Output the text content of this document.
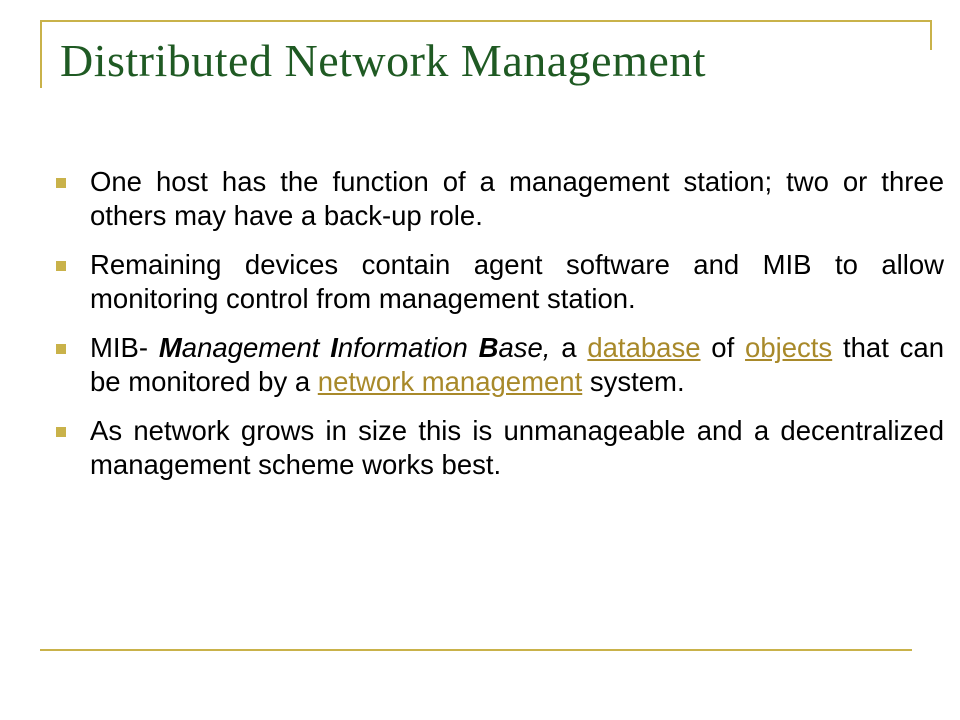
Distributed Network Management
One host has the function of a management station; two or three others may have a back-up role.
Remaining devices contain agent software and MIB to allow monitoring control from management station.
MIB- Management Information Base, a database of objects that can be monitored by a network management system.
As network grows in size this is unmanageable and a decentralized management scheme works best.
